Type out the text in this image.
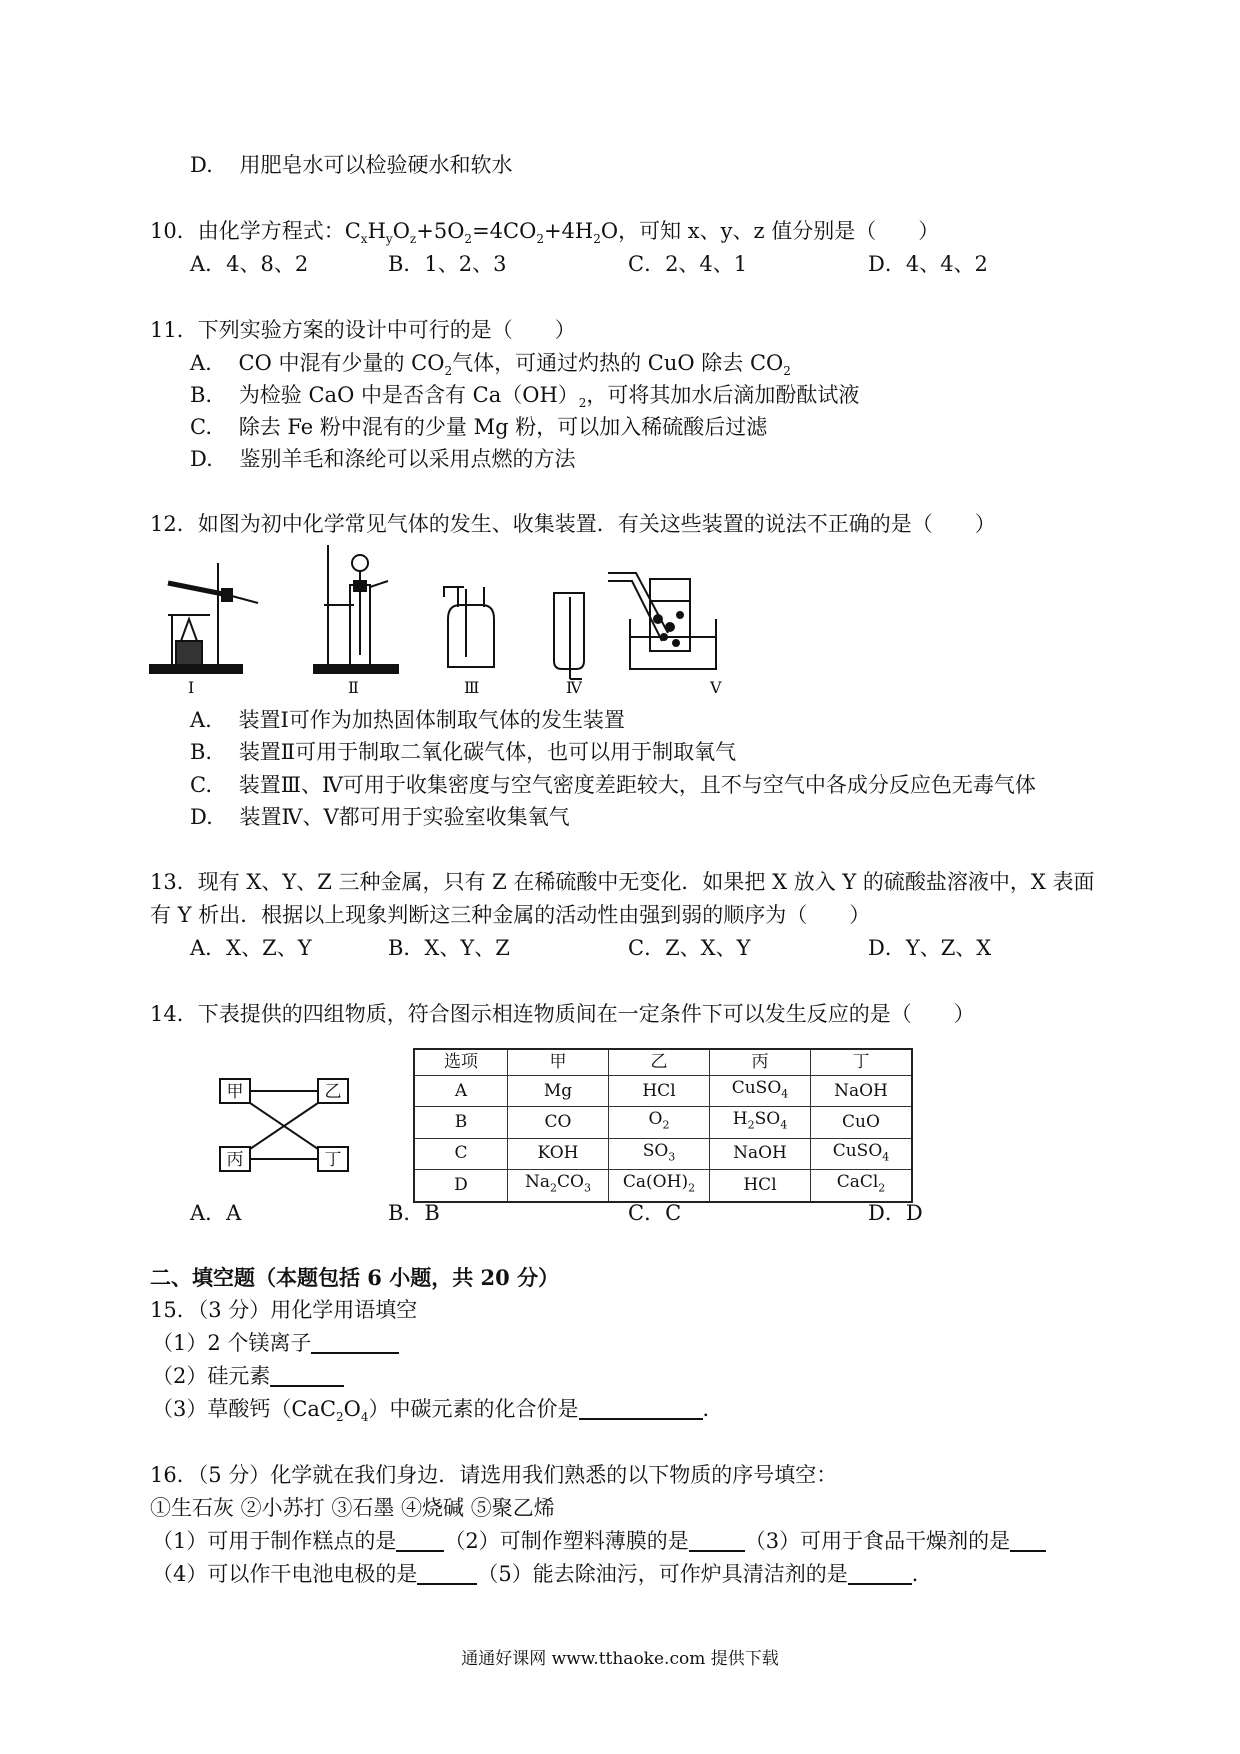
D. 用肥皂水可以检验硬水和软水
10．由化学方程式：$C_xH_yO_z+5O_2=4CO_2+4H_2O$，可知 x、y、z 值分别是（　　）
A．4、8、2	B．1、2、3	C．2、4、1	D．4、4、2
11．下列实验方案的设计中可行的是（　　）
A. CO 中混有少量的 $CO_2$气体，可通过灼热的 CuO 除去 $CO_2$
B. 为检验 CaO 中是否含有 $Ca(OH)_2$，可将其加水后滴加酚酞试液
C. 除去 Fe 粉中混有的少量 Mg 粉，可以加入稀硫酸后过滤
D. 鉴别羊毛和涤纶可以采用点燃的方法
12．如图为初中化学常见气体的发生、收集装置．有关这些装置的说法不正确的是（　　）
Ⅰ	Ⅱ	Ⅲ	Ⅳ	Ⅴ
A. 装置Ⅰ可作为加热固体制取气体的发生装置
B. 装置Ⅱ可用于制取二氧化碳气体，也可以用于制取氧气
C. 装置Ⅲ、Ⅳ可用于收集密度与空气密度差距较大，且不与空气中各成分反应色无毒气体
D. 装置Ⅳ、Ⅴ都可用于实验室收集氧气
13．现有 X、Y、Z 三种金属，只有 Z 在稀硫酸中无变化．如果把 X 放入 Y 的硫酸盐溶液中，X 表面
有 Y 析出．根据以上现象判断这三种金属的活动性由强到弱的顺序为（　　）
A．X、Z、Y	B．X、Y、Z	C．Z、X、Y	D．Y、Z、X
14．下表提供的四组物质，符合图示相连物质间在一定条件下可以发生反应的是（　　）
甲	乙
丙	丁
选项	甲	乙	丙	丁
A	Mg	HCl	CuSO$_4$	NaOH
B	CO	$O_2$	$H_2SO_4$	CuO
C	KOH	$SO_3$	NaOH	CuSO$_4$
D	$Na_2CO_3$	$Ca(OH)_2$	HCl	CaCl$_2$
A．A	B．B	C．C	D．D
二、填空题（本题包括 6 小题，共 20 分）
15．（3 分）用化学用语填空
（1）2 个镁离子
（2）硅元素
（3）草酸钙$(CaC_2O_4)$中碳元素的化合价是	．
16．（5 分）化学就在我们身边．请选用我们熟悉的以下物质的序号填空：
①生石灰 ②小苏打 ③石墨 ④烧碱 ⑤聚乙烯
（1）可用于制作糕点的是 （2）可制作塑料薄膜的是	（3）可用于食品干燥剂的是
（4）可以作干电池电极的是	（5）能去除油污，可作炉具清洁剂的是	．
通通好课网 www.tthaoke.com 提供下载
